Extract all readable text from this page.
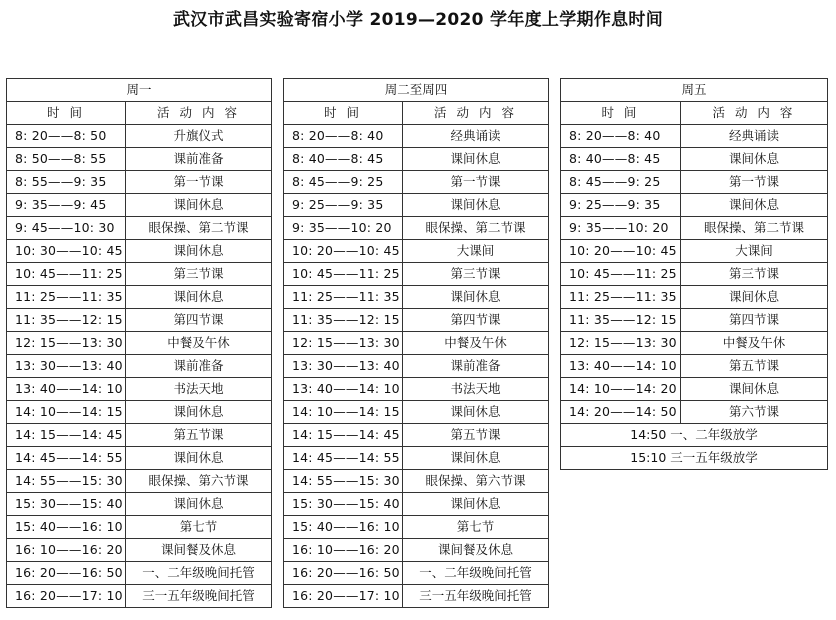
武汉市武昌实验寄宿小学 2019—2020 学年度上学期作息时间
周一	
时 间	活 动 内 容
8: 20——8: 50	升旗仪式
8: 50——8: 55	课前准备
8: 55——9: 35	第一节课
9: 35——9: 45	课间休息
9: 45——10: 30	眼保操、第二节课
10: 30——10: 45	课间休息
10: 45——11: 25	第三节课
11: 25——11: 35	课间休息
11: 35——12: 15	第四节课
12: 15——13: 30	中餐及午休
13: 30——13: 40	课前准备
13: 40——14: 10	书法天地
14: 10——14: 15	课间休息
14: 15——14: 45	第五节课
14: 45——14: 55	课间休息
14: 55——15: 30	眼保操、第六节课
15: 30——15: 40	课间休息
15: 40——16: 10	第七节
16: 10——16: 20	课间餐及休息
16: 20——16: 50	一、二年级晚间托管
16: 20——17: 10	三一五年级晚间托管
周二至周四	
时 间	活 动 内 容
8: 20——8: 40	经典诵读
8: 40——8: 45	课间休息
8: 45——9: 25	第一节课
9: 25——9: 35	课间休息
9: 35——10: 20	眼保操、第二节课
10: 20——10: 45	大课间
10: 45——11: 25	第三节课
11: 25——11: 35	课间休息
11: 35——12: 15	第四节课
12: 15——13: 30	中餐及午休
13: 30——13: 40	课前准备
13: 40——14: 10	书法天地
14: 10——14: 15	课间休息
14: 15——14: 45	第五节课
14: 45——14: 55	课间休息
14: 55——15: 30	眼保操、第六节课
15: 30——15: 40	课间休息
15: 40——16: 10	第七节
16: 10——16: 20	课间餐及休息
16: 20——16: 50	一、二年级晚间托管
16: 20——17: 10	三一五年级晚间托管
周五	
时 间	活 动 内 容
8: 20——8: 40	经典诵读
8: 40——8: 45	课间休息
8: 45——9: 25	第一节课
9: 25——9: 35	课间休息
9: 35——10: 20	眼保操、第二节课
10: 20——10: 45	大课间
10: 45——11: 25	第三节课
11: 25——11: 35	课间休息
11: 35——12: 15	第四节课
12: 15——13: 30	中餐及午休
13: 40——14: 10	第五节课
14: 10——14: 20	课间休息
14: 20——14: 50	第六节课
14:50 一、二年级放学	
15:10 三一五年级放学	
